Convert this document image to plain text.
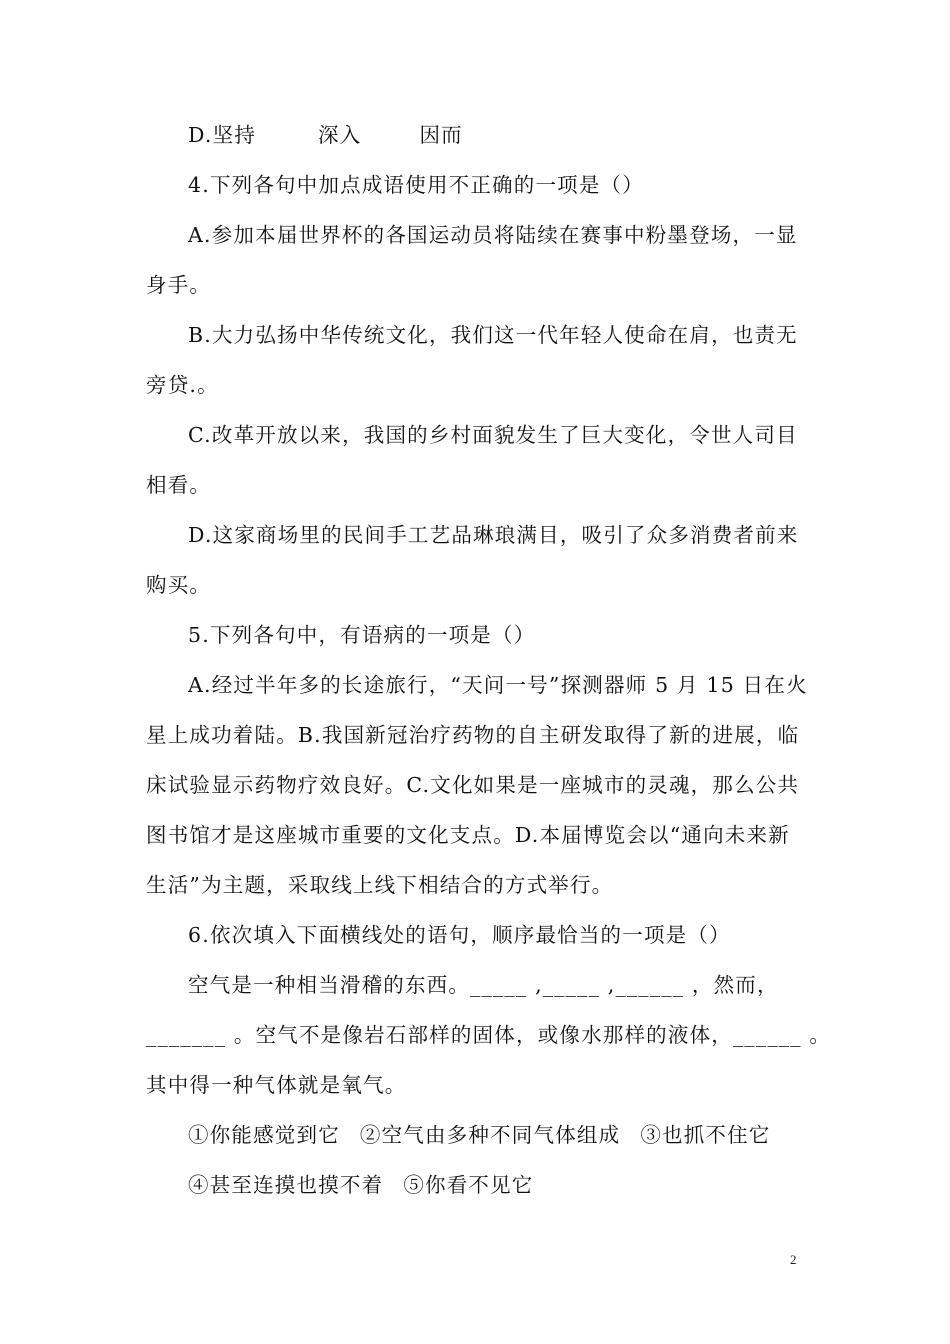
D.坚持	深入	因而
4.下列各句中加点成语使用不正确的一项是（）
A.参加本届世界杯的各国运动员将陆续在赛事中粉墨登场，一显
身手。
B.大力弘扬中华传统文化，我们这一代年轻人使命在肩，也责无
旁贷.。
C.改革开放以来，我国的乡村面貌发生了巨大变化，令世人司目
相看。
D.这家商场里的民间手工艺品琳琅满目，吸引了众多消费者前来
购买。
5.下列各句中，有语病的一项是（）
A.经过半年多的长途旅行，“天问一号”探测器师 5 月 15 日在火
星上成功着陆。B.我国新冠治疗药物的自主研发取得了新的进展，临
床试验显示药物疗效良好。C.文化如果是一座城市的灵魂，那么公共
图书馆才是这座城市重要的文化支点。D.本届博览会以“通向未来新
生活”为主题，采取线上线下相结合的方式举行。
6.依次填入下面横线处的语句，顺序最恰当的一项是（）
空气是一种相当滑稽的东西。_____ ,_____ ,______ ，然而，
_______ 。空气不是像岩石部样的固体，或像水那样的液体，______ 。
其中得一种气体就是氧气。
①你能感觉到它 ②空气由多种不同气体组成 ③也抓不住它
④甚至连摸也摸不着 ⑤你看不见它
2
